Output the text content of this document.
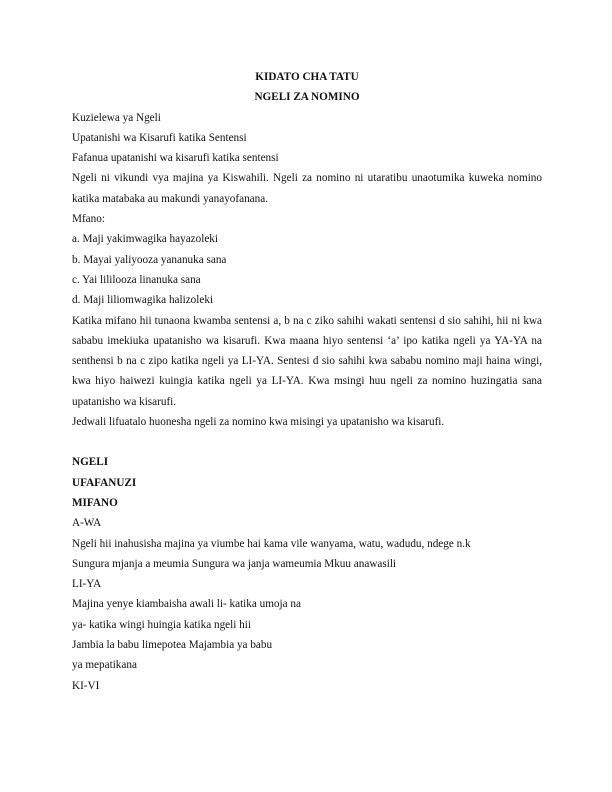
KIDATO CHA TATU
NGELI ZA NOMINO
Kuzielewa ya Ngeli
Upatanishi wa Kisarufi katika Sentensi
Fafanua upatanishi wa kisarufi katika sentensi
Ngeli ni vikundi vya majina ya Kiswahili. Ngeli za nomino ni utaratibu unaotumika kuweka nomino katika matabaka au makundi yanayofanana.
Mfano:
a. Maji yakimwagika hayazoleki
b. Mayai yaliyooza yananuka sana
c. Yai lililooza linanuka sana
d. Maji liliomwagika halizoleki
Katika mifano hii tunaona kwamba sentensi a, b na c ziko sahihi wakati sentensi d sio sahihi, hii ni kwa sababu imekiuka upatanisho wa kisarufi. Kwa maana hiyo sentensi ‘a’ ipo katika ngeli ya YA-YA na senthensi b na c zipo katika ngeli ya LI-YA. Sentesi d sio sahihi kwa sababu nomino maji haina wingi, kwa hiyo haiwezi kuingia katika ngeli ya LI-YA. Kwa msingi huu ngeli za nomino huzingatia sana upatanisho wa kisarufi.
Jedwali lifuatalo huonesha ngeli za nomino kwa misingi ya upatanisho wa kisarufi.
NGELI
UFAFANUZI
MIFANO
A-WA
Ngeli hii inahusisha majina ya viumbe hai kama vile wanyama, watu, wadudu, ndege n.k
Sungura mjanja a meumia Sungura wa janja wameumia Mkuu anawasili
LI-YA
Majina yenye kiambaisha awali li- katika umoja na
ya- katika wingi huingia katika ngeli hii
Jambia la babu limepotea Majambia ya babu
ya mepatikana
KI-VI
